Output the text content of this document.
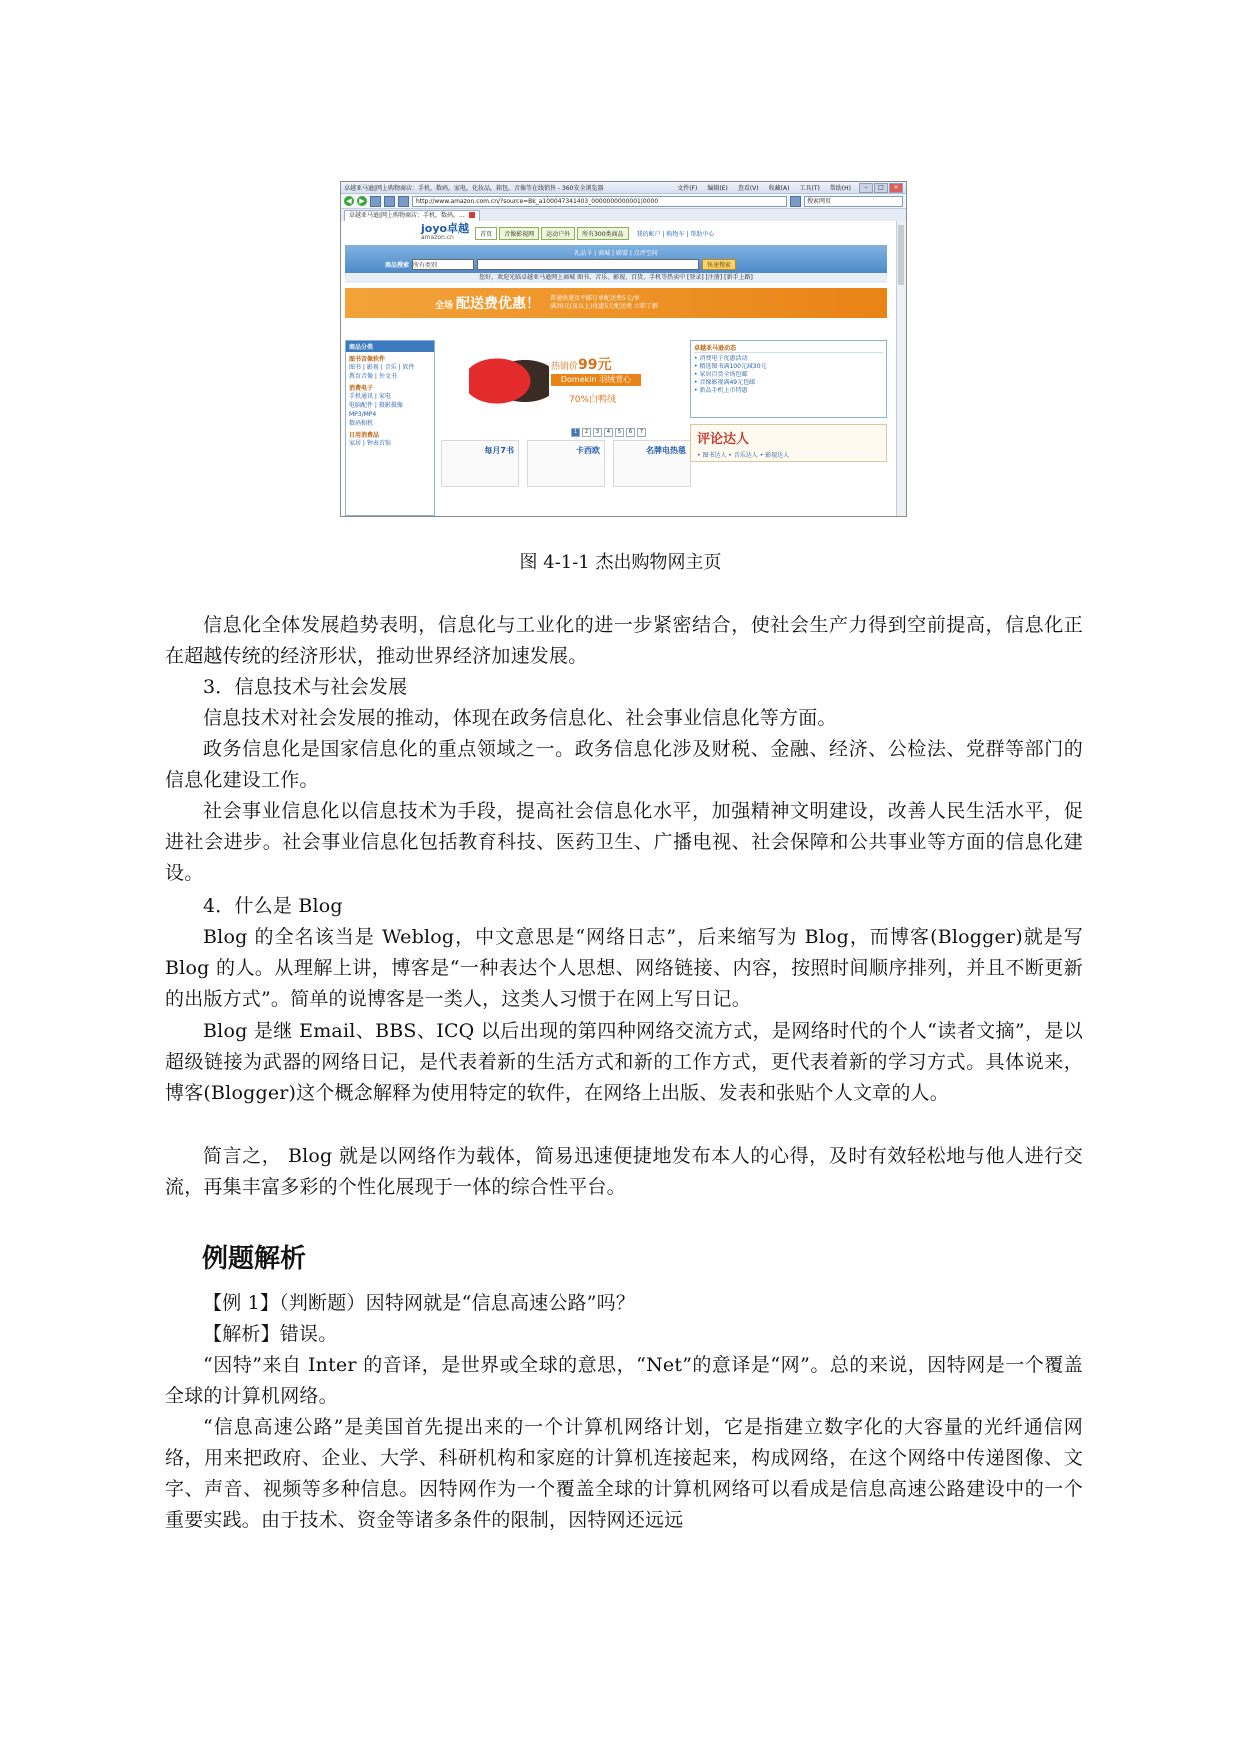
卓越亚马逊|网上购物商店：手机，数码，家电，化妆品，箱包，音像等在线销售 - 360安全浏览器	文件(F) 编辑(E) 查看(V) 收藏(A) 工具(T) 帮助(H)	–	□	×
◀	▶	http://www.amazon.com.cn/?source=Bk_a100047341403_0000000000001|0000	搜索网页
卓越亚马逊|网上购物商店：手机，数码，...
joyo卓越
amazon.cn	首页	音像影视网	运动户外	所有300类商品	我的帐户 | 购物车 | 帮助中心
礼品卡 | 商城 | 联盟 | 点评空间
商品搜索 所有类别	快速搜索
您好，欢迎光临卓越亚马逊网上商城 图书、音乐、影视、百货、手机等热卖中 [登录] [注册] [新手上路]
全场 配送费优惠！ 普通快递及平邮订单配送费5元/单
满30元(及以上)优惠5元配送费 立即了解
商品分类
图书音像软件
图书 | 影视 | 音乐 | 软件
教育音像 | 外文书
消费电子
手机通讯 | 家电
电脑配件 | 摄影摄像
MP3/MP4
数码相机
日用消费品
家居 | 钟表首饰
热销价99元
Domekin 羽绒背心
70%白鸭绒
1	2	3	4	5	6	7
每月7书	卡西欧	名牌电热毯
卓越亚马逊动态
• 消费电子优惠活动
• 精选图书满100元减30元
• 家居百货全场包邮
• 音像影视满49元包邮
• 新品手机上市特惠
评论达人
• 图书达人 • 音乐达人 • 影视达人
图 4-1-1 杰出购物网主页

信息化全体发展趋势表明，信息化与工业化的进一步紧密结合，使社会生产力得到空前提高，信息化正在超越传统的经济形状，推动世界经济加速发展。

3．信息技术与社会发展

信息技术对社会发展的推动，体现在政务信息化、社会事业信息化等方面。

政务信息化是国家信息化的重点领域之一。政务信息化涉及财税、金融、经济、公检法、党群等部门的信息化建设工作。

社会事业信息化以信息技术为手段，提高社会信息化水平，加强精神文明建设，改善人民生活水平，促进社会进步。社会事业信息化包括教育科技、医药卫生、广播电视、社会保障和公共事业等方面的信息化建设。

4．什么是 Blog

Blog 的全名该当是 Weblog，中文意思是“网络日志”，后来缩写为 Blog，而博客(Blogger)就是写 Blog 的人。从理解上讲，博客是“一种表达个人思想、网络链接、内容，按照时间顺序排列，并且不断更新的出版方式”。简单的说博客是一类人，这类人习惯于在网上写日记。

Blog 是继 Email、BBS、ICQ 以后出现的第四种网络交流方式，是网络时代的个人“读者文摘”，是以超级链接为武器的网络日记，是代表着新的生活方式和新的工作方式，更代表着新的学习方式。具体说来，博客(Blogger)这个概念解释为使用特定的软件，在网络上出版、发表和张贴个人文章的人。

简言之， Blog 就是以网络作为载体，简易迅速便捷地发布本人的心得，及时有效轻松地与他人进行交流，再集丰富多彩的个性化展现于一体的综合性平台。

例题解析

【例 1】（判断题）因特网就是“信息高速公路”吗？

【解析】错误。

“因特”来自 Inter 的音译，是世界或全球的意思，“Net”的意译是“网”。总的来说，因特网是一个覆盖全球的计算机网络。

“信息高速公路”是美国首先提出来的一个计算机网络计划，它是指建立数字化的大容量的光纤通信网络，用来把政府、企业、大学、科研机构和家庭的计算机连接起来，构成网络，在这个网络中传递图像、文字、声音、视频等多种信息。因特网作为一个覆盖全球的计算机网络可以看成是信息高速公路建设中的一个重要实践。由于技术、资金等诸多条件的限制，因特网还远远
